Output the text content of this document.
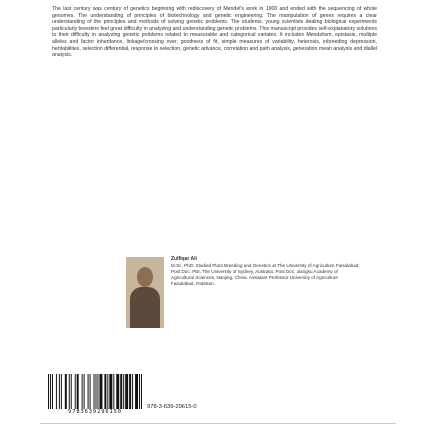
The last century was century of genetics beginning with rediscovery of Mendel's work in 1900 and ended with the sequencing of whole genomes. The understanding of principles of biotechnology and genetic engineering. The manipulation of genes requires a clear understanding of the principles and methods of solving genetic problems. The students, young scientists dealing biological experiments particularly breeders feel great difficulty in analyzing and understanding genetic problems. This manuscript provides self-explanatory solutions to their difficulty in analyzing genetic problems related to measurable and categorical variates. It includes Mendelism, epistasis, multiple alleles and factor inheritance, linkage/crossing over, goodness of fit, simple measures of variability, heterosis, inbreeding depression, heritabilities, selection differential, response to selection, genetic advance, correlation and path analysis, generation mean analysis and diallel analysis.

Zulfiqar Ali
M.Sc, PhD: Studied Plant Breeding and Genetics at The University of Agriculture Faisalabad; Post Doc: PBI, The University of Sydney, Australia. Post Doc: Jiangsu Academy of Agricultural Sciences, Nanjing, China. Assistant Professor University of Agriculture Faisalabad, Pakistan.

9783639296150
978-3-639-29615-0
